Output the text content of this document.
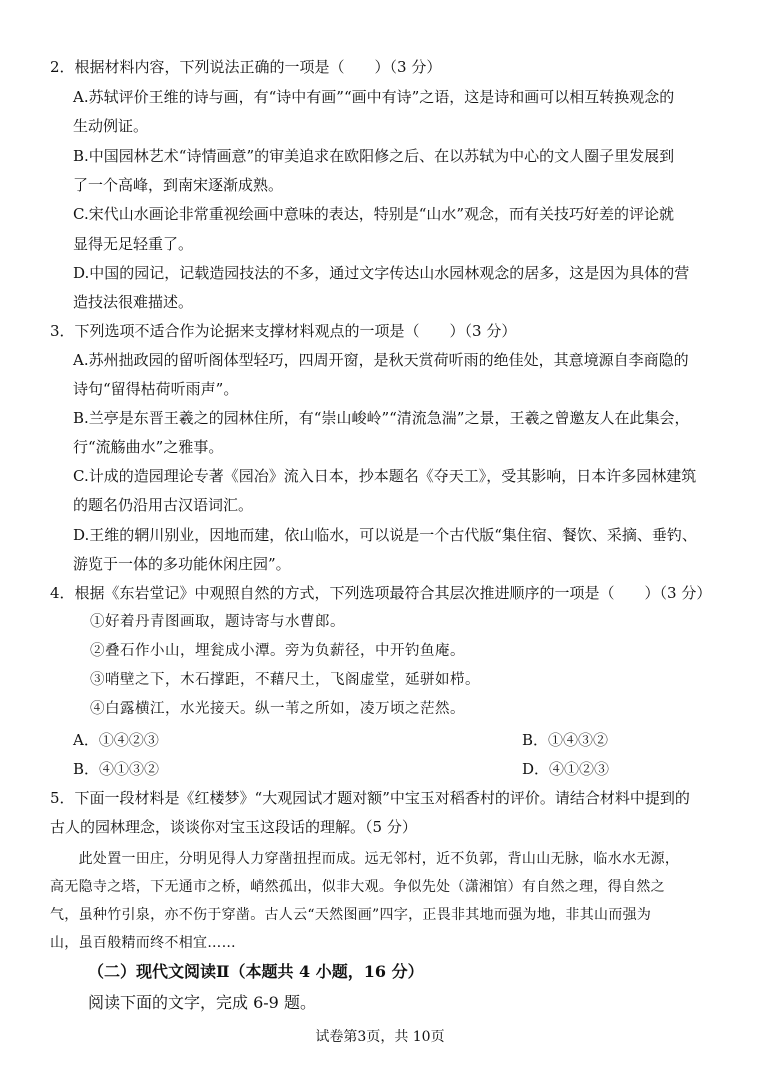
2．根据材料内容，下列说法正确的一项是（　　）（3 分）
A.苏轼评价王维的诗与画，有“诗中有画”“画中有诗”之语，这是诗和画可以相互转换观念的
生动例证。
B.中国园林艺术“诗情画意”的审美追求在欧阳修之后、在以苏轼为中心的文人圈子里发展到
了一个高峰，到南宋逐渐成熟。
C.宋代山水画论非常重视绘画中意味的表达，特别是“山水”观念，而有关技巧好差的评论就
显得无足轻重了。
D.中国的园记，记载造园技法的不多，通过文字传达山水园林观念的居多，这是因为具体的营
造技法很难描述。
3．下列选项不适合作为论据来支撑材料观点的一项是（　　）（3 分）
A.苏州拙政园的留听阁体型轻巧，四周开窗，是秋天赏荷听雨的绝佳处，其意境源自李商隐的
诗句“留得枯荷听雨声”。
B.兰亭是东晋王羲之的园林住所，有“崇山峻岭”“清流急湍”之景，王羲之曾邀友人在此集会，
行“流觞曲水”之雅事。
C.计成的造园理论专著《园冶》流入日本，抄本题名《夺天工》，受其影响，日本许多园林建筑
的题名仍沿用古汉语词汇。
D.王维的辋川别业，因地而建，依山临水，可以说是一个古代版“集住宿、餐饮、采摘、垂钓、
游览于一体的多功能休闲庄园”。
4．根据《东岩堂记》中观照自然的方式，下列选项最符合其层次推进顺序的一项是（　　）（3 分）
①好着丹青图画取，题诗寄与水曹郎。
②叠石作小山，埋瓮成小潭。旁为负薪径，中开钓鱼庵。
③哨壁之下，木石撑距，不藉尺土，飞阁虚堂，延骈如栉。
④白露横江，水光接天。纵一苇之所如，凌万顷之茫然。
A．①④②③	B．①④③②
B．④①③②	D．④①②③
5．下面一段材料是《红楼梦》“大观园试才题对额”中宝玉对稻香村的评价。请结合材料中提到的
古人的园林理念，谈谈你对宝玉这段话的理解。（5 分）
　　此处置一田庄，分明见得人力穿凿扭捏而成。远无邻村，近不负郭，背山山无脉，临水水无源，
高无隐寺之塔，下无通市之桥，峭然孤出，似非大观。争似先处（潇湘馆）有自然之理，得自然之
气，虽种竹引泉，亦不伤于穿凿。古人云“天然图画”四字，正畏非其地而强为地，非其山而强为
山，虽百般精而终不相宜……
（二）现代文阅读Ⅱ（本题共 4 小题，16 分）
阅读下面的文字，完成 6-9 题。
试卷第3页，共 10页
